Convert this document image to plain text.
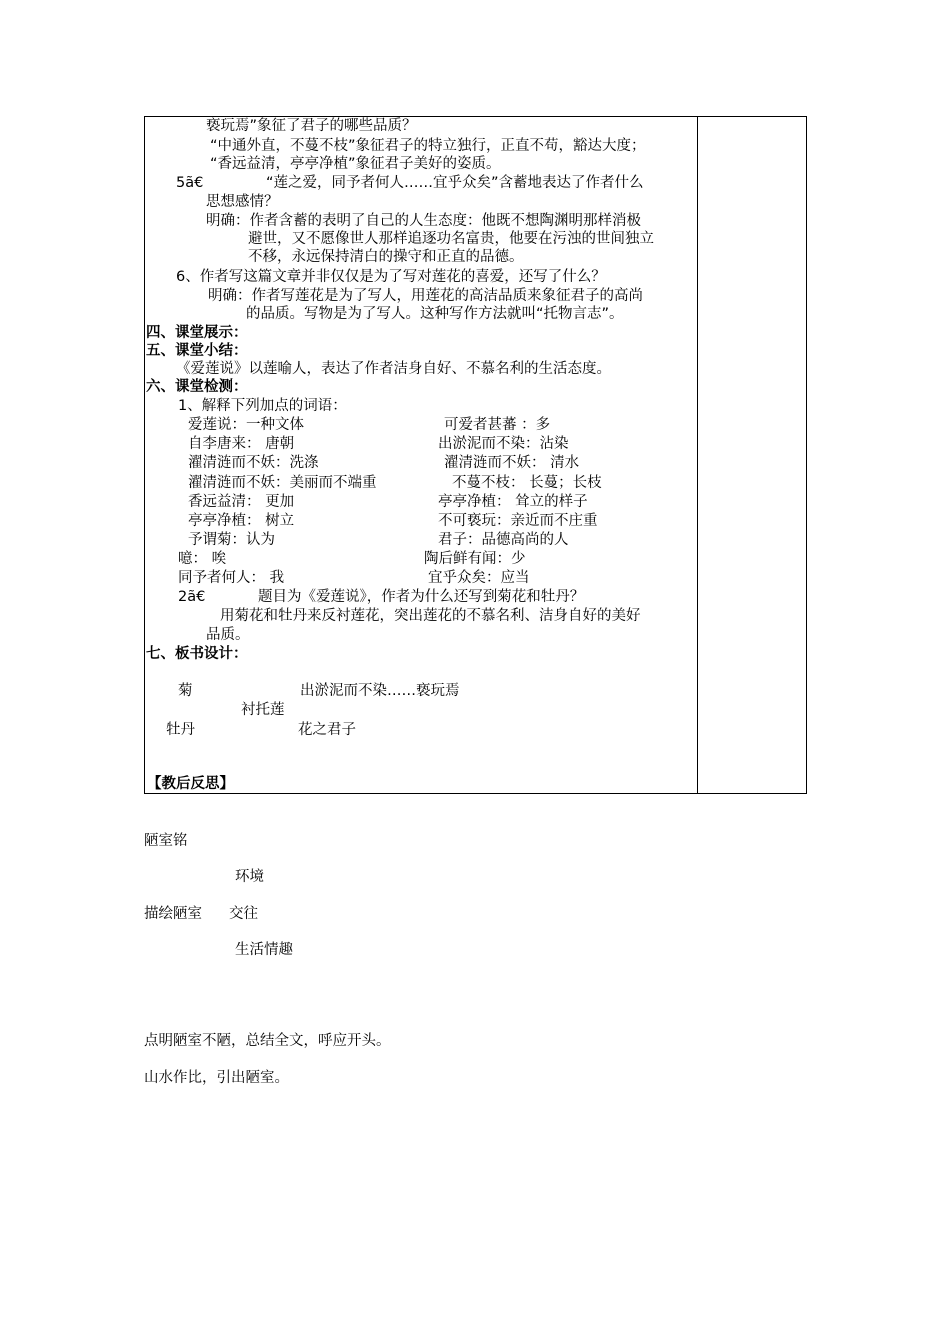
亵玩焉”象征了君子的哪些品质？
“中通外直，不蔓不枝”象征君子的特立独行，正直不苟，豁达大度；
“香远益清，亭亭净植”象征君子美好的姿质。
5ã€	“莲之爱，同予者何人……宜乎众矣”含蓄地表达了作者什么
思想感情？
明确：作者含蓄的表明了自己的人生态度：他既不想陶渊明那样消极
避世，又不愿像世人那样追逐功名富贵，他要在污浊的世间独立
不移，永远保持清白的操守和正直的品德。
6、作者写这篇文章并非仅仅是为了写对莲花的喜爱，还写了什么？
明确：作者写莲花是为了写人，用莲花的高洁品质来象征君子的高尚
的品质。写物是为了写人。这种写作方法就叫“托物言志”。
四、课堂展示：
五、课堂小结：
《爱莲说》以莲喻人，表达了作者洁身自好、不慕名利的生活态度。
六、课堂检测：
1、解释下列加点的词语：
爱莲说：一种文体	可爱者甚蕃 ：多
自李唐来： 唐朝	出淤泥而不染：沾染
濯清涟而不妖：洗涤	濯清涟而不妖： 清水
濯清涟而不妖：美丽而不端重	不蔓不枝： 长蔓；长枝
香远益清： 更加	亭亭净植： 耸立的样子
亭亭净植： 树立	不可亵玩：亲近而不庄重
予谓菊：认为	君子：品德高尚的人
噫： 唉	陶后鲜有闻：少
同予者何人： 我	宜乎众矣：应当
2ã€	题目为《爱莲说》，作者为什么还写到菊花和牡丹？
用菊花和牡丹来反衬莲花，突出莲花的不慕名利、洁身自好的美好
品质。
七、板书设计：
菊	出淤泥而不染……亵玩焉
衬托莲
牡丹	花之君子
【教后反思】
陋室铭
环境
描绘陋室 交往
生活情趣
点明陋室不陋，总结全文，呼应开头。
山水作比，引出陋室。
